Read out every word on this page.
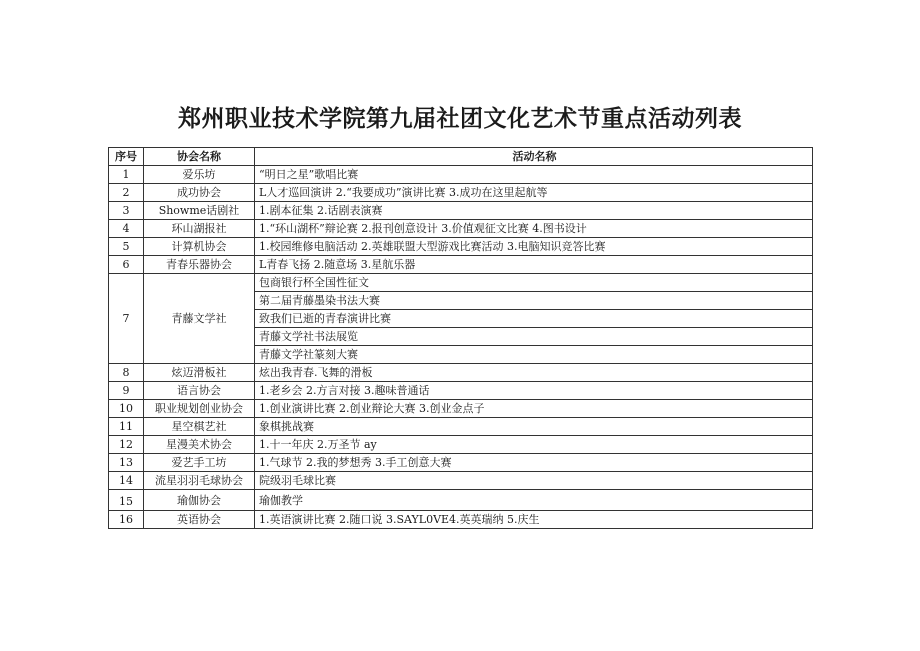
郑州职业技术学院第九届社团文化艺术节重点活动列表
序号	协会名称	活动名称
1	爱乐坊	“明日之星”歌唱比赛
2	成功协会	L人才巡回演讲 2.“我要成功”演讲比赛 3.成功在这里起航等
3	Showme话剧社	1.剧本征集 2.话剧表演赛
4	环山湖报社	1.“环山湖杯”辩论赛 2.报刊创意设计 3.价值观征文比赛 4.图书设计
5	计算机协会	1.校园维修电脑活动 2.英雄联盟大型游戏比赛活动 3.电脑知识竞答比赛
6	青春乐器协会	L青春飞扬 2.随意场 3.星航乐器
7	青藤文学社	包商银行杯全国性征文
		第二届青藤墨染书法大赛
		致我们已逝的青春演讲比赛
		青藤文学社书法展览
		青藤文学社篆刻大赛
8	炫迈滑板社	炫出我青春.飞舞的滑板
9	语言协会	1.老乡会 2.方言对接 3.趣味普通话
10	职业规划创业协会	1.创业演讲比赛 2.创业辩论大赛 3.创业金点子
11	星空棋艺社	象棋挑战赛
12	星漫美术协会	1.十一年庆 2.万圣节 ay
13	爱艺手工坊	1.气球节 2.我的梦想秀 3.手工创意大赛
14	流星羽羽毛球协会	院级羽毛球比赛
15	瑜伽协会	瑜伽教学
16	英语协会	1.英语演讲比赛 2.随口说 3.SAYL0VE4.英英瑞纳 5.庆生
